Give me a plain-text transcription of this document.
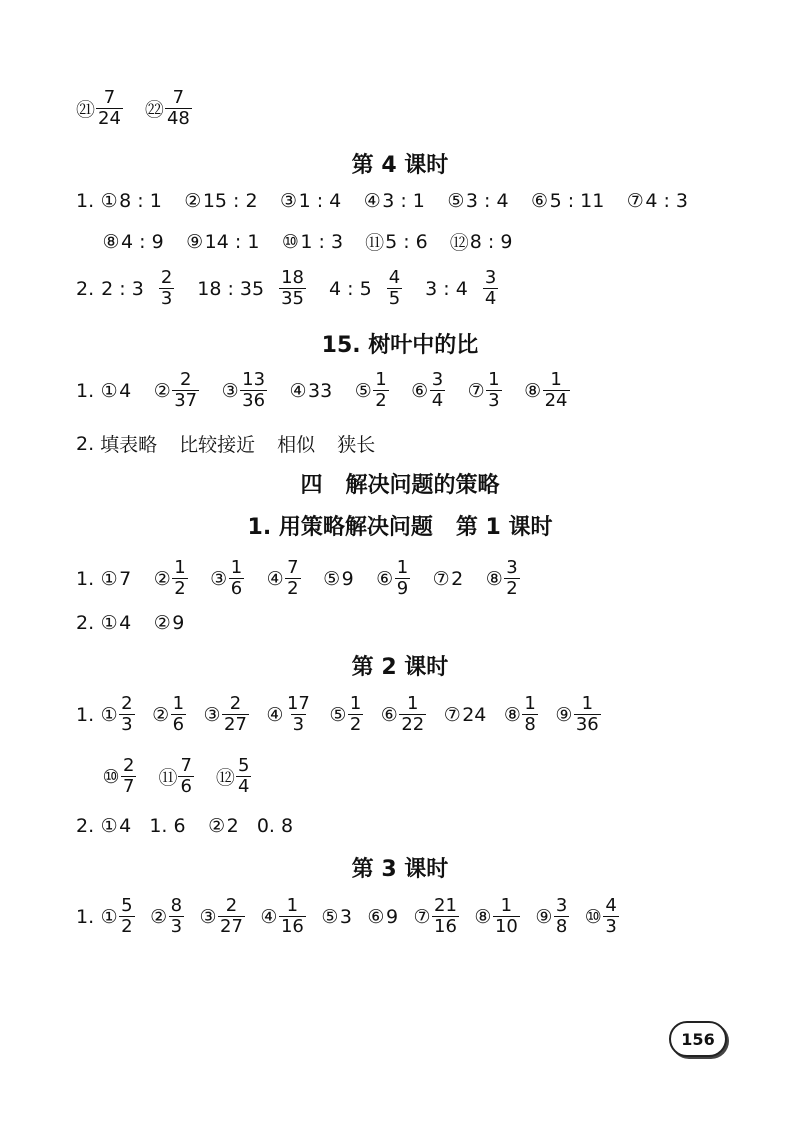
㉑ $\frac{7}{24}$ ㉒ $\frac{7}{48}$
第 4 课时
1. ① 8 : 1 ② 15 : 2 ③ 1 : 4 ④ 3 : 1 ⑤ 3 : 4 ⑥ 5 : 11 ⑦ 4 : 3
⑧ 4 : 9 ⑨ 14 : 1 ⑩ 1 : 3 ⑪ 5 : 6 ⑫ 8 : 9
2. 2 : $3 \frac{2}{3} 18$ : $35 \frac{18}{35} 4$ : $5 \frac{4}{5} 3$ : $4 \frac{3}{4}$
15. 树叶中的比
1. ① 4 ② $\frac{2}{37}$ ③ $\frac{13}{36}$ ④ 33 ⑤ $\frac{1}{2}$ ⑥ $\frac{3}{4}$ ⑦ $\frac{1}{3}$ ⑧ $\frac{1}{24}$
2. 填表略 比较接近 相似 狭长
四   解决问题的策略
1. 用策略解决问题   第 1 课时
1. ① 7 ② $\frac{1}{2}$ ③ $\frac{1}{6}$ ④ $\frac{7}{2}$ ⑤ 9 ⑥ $\frac{1}{9}$ ⑦ 2 ⑧ $\frac{3}{2}$
2. ① 4 ② 9
第 2 课时
1. ① $\frac{2}{3}$ ② $\frac{1}{6}$ ③ $\frac{2}{27}$ ④ $\frac{17}{3}$ ⑤ $\frac{1}{2}$ ⑥ $\frac{1}{22}$ ⑦ 24 ⑧ $\frac{1}{8}$ ⑨ $\frac{1}{36}$
⑩ $\frac{2}{7}$ ⑪ $\frac{7}{6}$ ⑫ $\frac{5}{4}$
2. ① 4   1. 6 ② 2   0. 8
第 3 课时
1. ① $\frac{5}{2}$ ② $\frac{8}{3}$ ③ $\frac{2}{27}$ ④ $\frac{1}{16}$ ⑤ 3 ⑥ 9 ⑦ $\frac{21}{16}$ ⑧ $\frac{1}{10}$ ⑨ $\frac{3}{8}$ ⑩ $\frac{4}{3}$
156
